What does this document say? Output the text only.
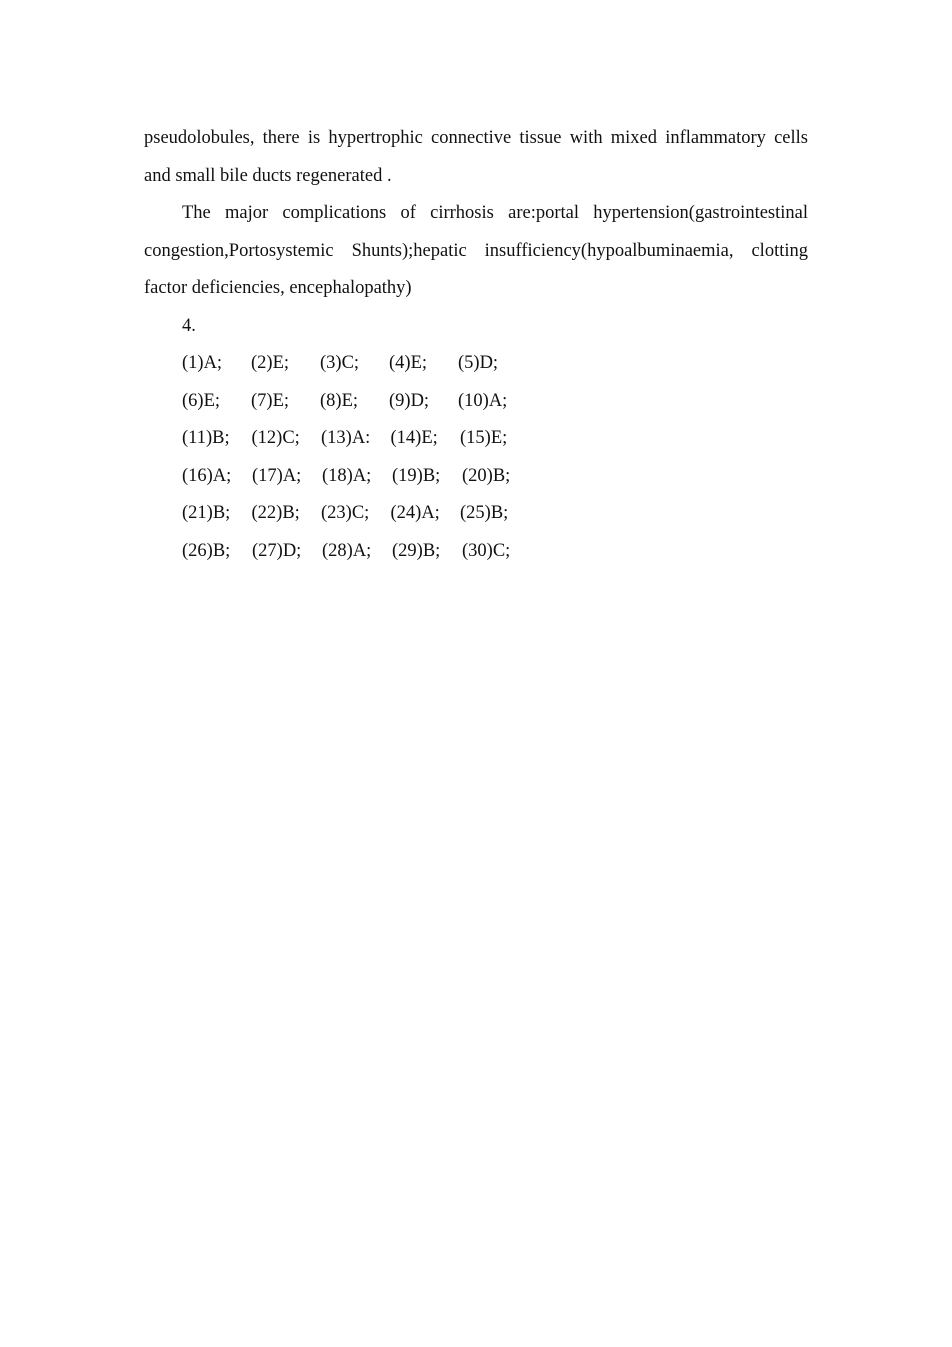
pseudolobules, there is hypertrophic connective tissue with mixed inflammatory cells
and small bile ducts regenerated .
The major complications of cirrhosis are:portal hypertension(gastrointestinal
congestion,Portosystemic Shunts);hepatic insufficiency(hypoalbuminaemia, clotting
factor deficiencies, encephalopathy)
4.
(1)A;	(2)E;	(3)C;	(4)E;	(5)D;
(6)E;	(7)E;	(8)E;	(9)D;	(10)A;
(11)B;	(12)C;	(13)A:	(14)E;	(15)E;
(16)A;	(17)A;	(18)A;	(19)B;	(20)B;
(21)B;	(22)B;	(23)C;	(24)A;	(25)B;
(26)B;	(27)D;	(28)A;	(29)B;	(30)C;
